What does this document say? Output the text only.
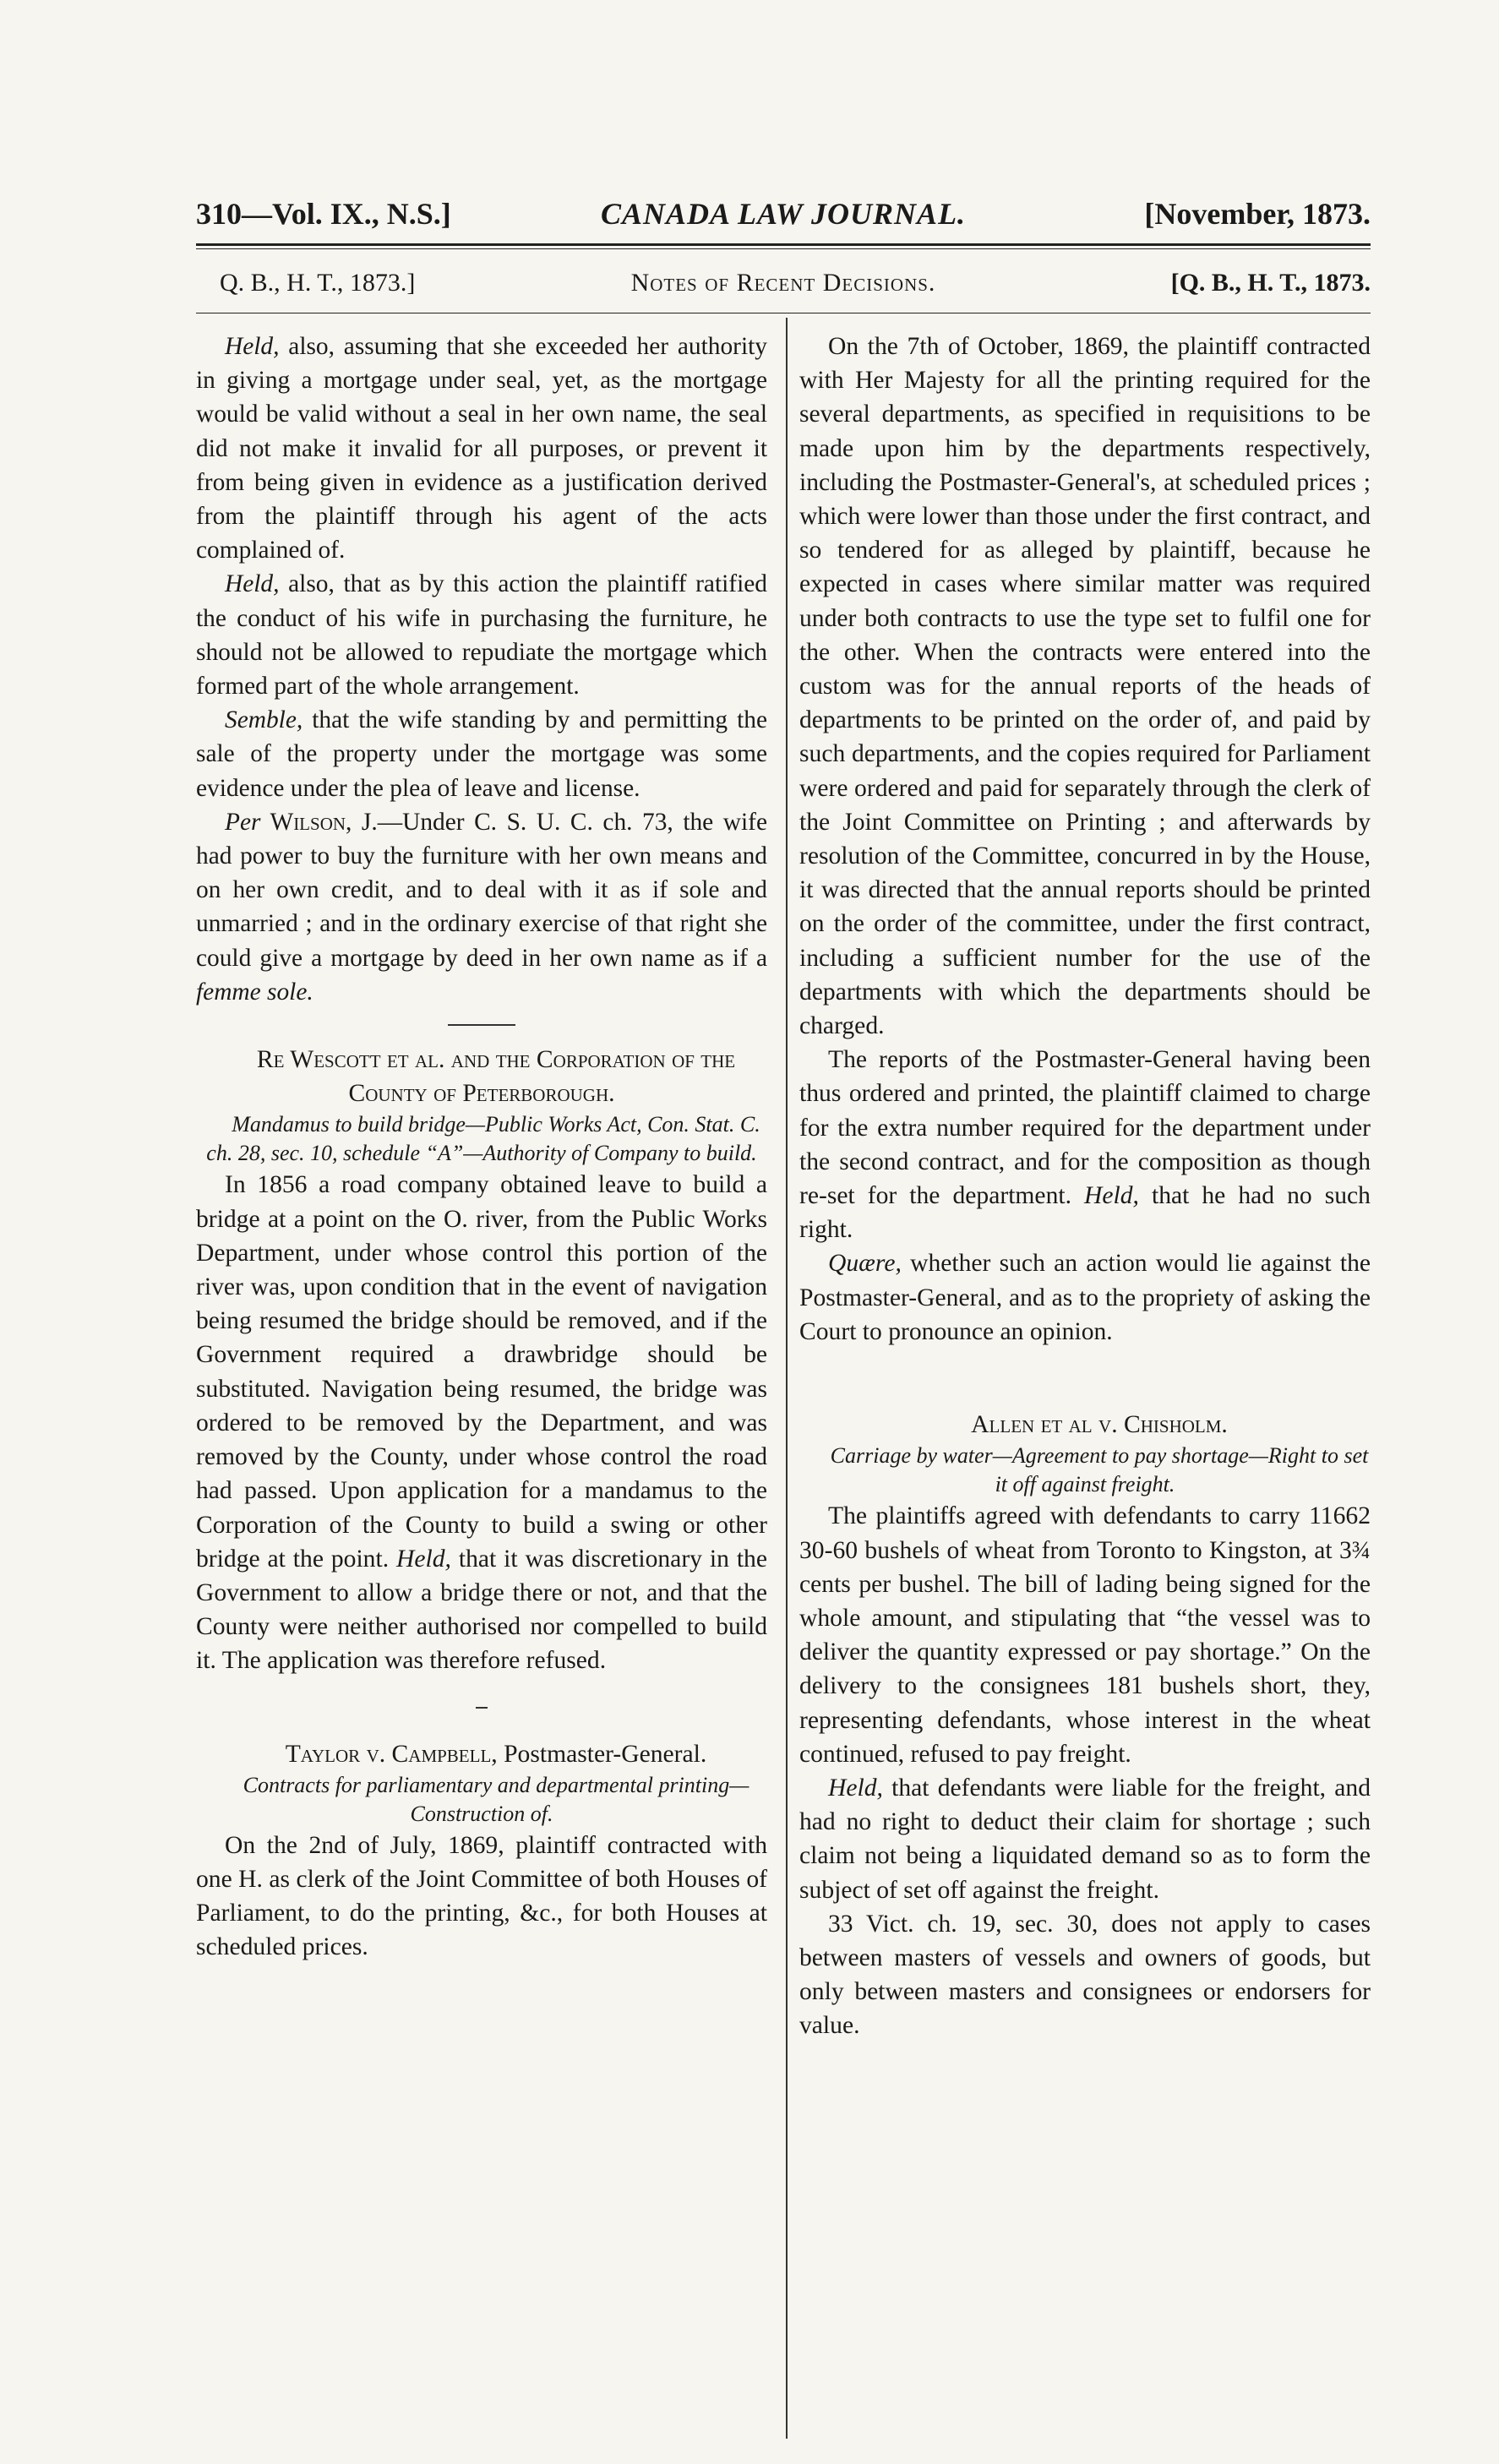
310—Vol. IX., N.S.]	CANADA LAW JOURNAL.	[November, 1873.
Q. B., H. T., 1873.]	Notes of Recent Decisions.	[Q. B., H. T., 1873.

Held, also, assuming that she exceeded her authority in giving a mortgage under seal, yet, as the mortgage would be valid without a seal in her own name, the seal did not make it invalid for all purposes, or prevent it from being given in evidence as a justification derived from the plaintiff through his agent of the acts complained of.

Held, also, that as by this action the plaintiff ratified the conduct of his wife in purchasing the furniture, he should not be allowed to repudiate the mortgage which formed part of the whole arrangement.

Semble, that the wife standing by and permitting the sale of the property under the mortgage was some evidence under the plea of leave and license.

Per Wilson, J.—Under C. S. U. C. ch. 73, the wife had power to buy the furniture with her own means and on her own credit, and to deal with it as if sole and unmarried ; and in the ordinary exercise of that right she could give a mortgage by deed in her own name as if a femme sole.

Re Wescott et al. and the Corporation of the County of Peterborough.

Mandamus to build bridge—Public Works Act, Con. Stat. C. ch. 28, sec. 10, schedule “A”—Authority of Company to build.

In 1856 a road company obtained leave to build a bridge at a point on the O. river, from the Public Works Department, under whose control this portion of the river was, upon condition that in the event of navigation being resumed the bridge should be removed, and if the Government required a drawbridge should be substituted. Navigation being resumed, the bridge was ordered to be removed by the Department, and was removed by the County, under whose control the road had passed. Upon application for a mandamus to the Corporation of the County to build a swing or other bridge at the point. Held, that it was discretionary in the Government to allow a bridge there or not, and that the County were neither authorised nor compelled to build it. The application was therefore refused.

Taylor v. Campbell, Postmaster-General.

Contracts for parliamentary and departmental printing—Construction of.

On the 2nd of July, 1869, plaintiff contracted with one H. as clerk of the Joint Committee of both Houses of Parliament, to do the printing, &c., for both Houses at scheduled prices.

On the 7th of October, 1869, the plaintiff contracted with Her Majesty for all the printing required for the several departments, as specified in requisitions to be made upon him by the departments respectively, including the Postmaster-General's, at scheduled prices ; which were lower than those under the first contract, and so tendered for as alleged by plaintiff, because he expected in cases where similar matter was required under both contracts to use the type set to fulfil one for the other. When the contracts were entered into the custom was for the annual reports of the heads of departments to be printed on the order of, and paid by such departments, and the copies required for Parliament were ordered and paid for separately through the clerk of the Joint Committee on Printing ; and afterwards by resolution of the Committee, concurred in by the House, it was directed that the annual reports should be printed on the order of the committee, under the first contract, including a sufficient number for the use of the departments with which the departments should be charged.

The reports of the Postmaster-General having been thus ordered and printed, the plaintiff claimed to charge for the extra number required for the department under the second contract, and for the composition as though re-set for the department. Held, that he had no such right.

Quære, whether such an action would lie against the Postmaster-General, and as to the propriety of asking the Court to pronounce an opinion.

Allen et al v. Chisholm.

Carriage by water—Agreement to pay shortage—Right to set it off against freight.

The plaintiffs agreed with defendants to carry 11662 30-60 bushels of wheat from Toronto to Kingston, at 3¾ cents per bushel. The bill of lading being signed for the whole amount, and stipulating that “the vessel was to deliver the quantity expressed or pay shortage.” On the delivery to the consignees 181 bushels short, they, representing defendants, whose interest in the wheat continued, refused to pay freight.

Held, that defendants were liable for the freight, and had no right to deduct their claim for shortage ; such claim not being a liquidated demand so as to form the subject of set off against the freight.

33 Vict. ch. 19, sec. 30, does not apply to cases between masters of vessels and owners of goods, but only between masters and consignees or endorsers for value.
